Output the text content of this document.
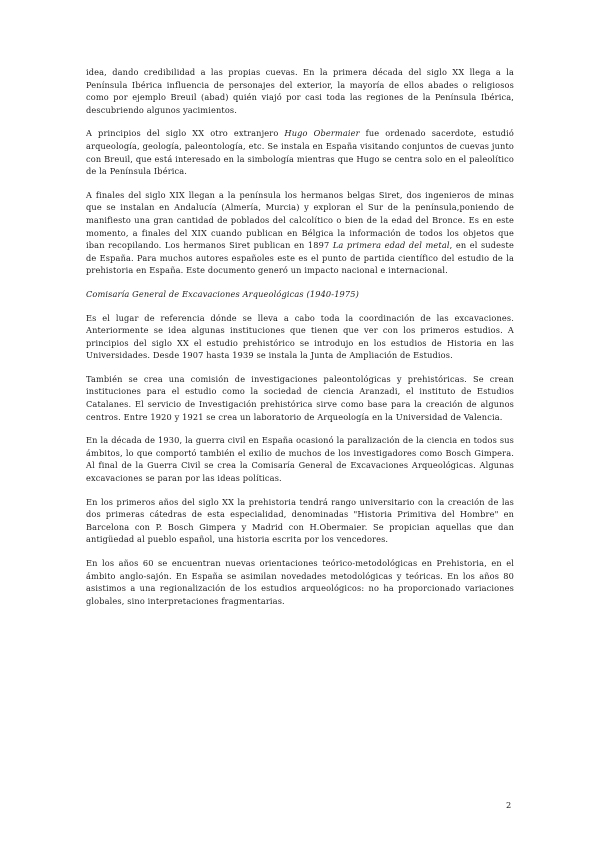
idea, dando credibilidad a las propias cuevas. En la primera década del siglo XX llega a la Península Ibérica influencia de personajes del exterior, la mayoría de ellos abades o religiosos como por ejemplo Breuil (abad) quién viajó por casi toda las regiones de la Península Ibérica, descubriendo algunos yacimientos.

A principios del siglo XX otro extranjero Hugo Obermaier fue ordenado sacerdote, estudió arqueología, geología, paleontología, etc. Se instala en España visitando conjuntos de cuevas junto con Breuil, que está interesado en la simbología mientras que Hugo se centra solo en el paleolítico de la Península Ibérica.

A finales del siglo XIX llegan a la península los hermanos belgas Siret, dos ingenieros de minas que se instalan en Andalucía (Almería, Murcia) y exploran el Sur de la península,poniendo de manifiesto una gran cantidad de poblados del calcolítico o bien de la edad del Bronce. Es en este momento, a finales del XIX cuando publican en Bélgica la información de todos los objetos que iban recopilando. Los hermanos Siret publican en 1897 La primera edad del metal, en el sudeste de España. Para muchos autores españoles este es el punto de partida científico del estudio de la prehistoria en España. Este documento generó un impacto nacional e internacional.

Comisaría General de Excavaciones Arqueológicas (1940-1975)

Es el lugar de referencia dónde se lleva a cabo toda la coordinación de las excavaciones. Anteriormente se idea algunas instituciones que tienen que ver con los primeros estudios. A principios del siglo XX el estudio prehistórico se introdujo en los estudios de Historia en las Universidades. Desde 1907 hasta 1939 se instala la Junta de Ampliación de Estudios.

También se crea una comisión de investigaciones paleontológicas y prehistóricas. Se crean instituciones para el estudio como la sociedad de ciencia Aranzadi, el instituto de Estudios Catalanes. El servicio de Investigación prehistórica sirve como base para la creación de algunos centros. Entre 1920 y 1921 se crea un laboratorio de Arqueología en la Universidad de Valencia.

En la década de 1930, la guerra civil en España ocasionó la paralización de la ciencia en todos sus ámbitos, lo que comportó también el exilio de muchos de los investigadores como Bosch Gimpera. Al final de la Guerra Civil se crea la Comisaría General de Excavaciones Arqueológicas. Algunas excavaciones se paran por las ideas políticas.

En los primeros años del siglo XX la prehistoria tendrá rango universitario con la creación de las dos primeras cátedras de esta especialidad, denominadas "Historia Primitiva del Hombre" en Barcelona con P. Bosch Gimpera y Madrid con H.Obermaier. Se propician aquellas que dan antigüedad al pueblo español, una historia escrita por los vencedores.

En los años 60 se encuentran nuevas orientaciones teórico-metodológicas en Prehistoria, en el ámbito anglo-sajón. En España se asimilan novedades metodológicas y teóricas. En los años 80 asistimos a una regionalización de los estudios arqueológicos: no ha proporcionado variaciones globales, sino interpretaciones fragmentarias.

2
